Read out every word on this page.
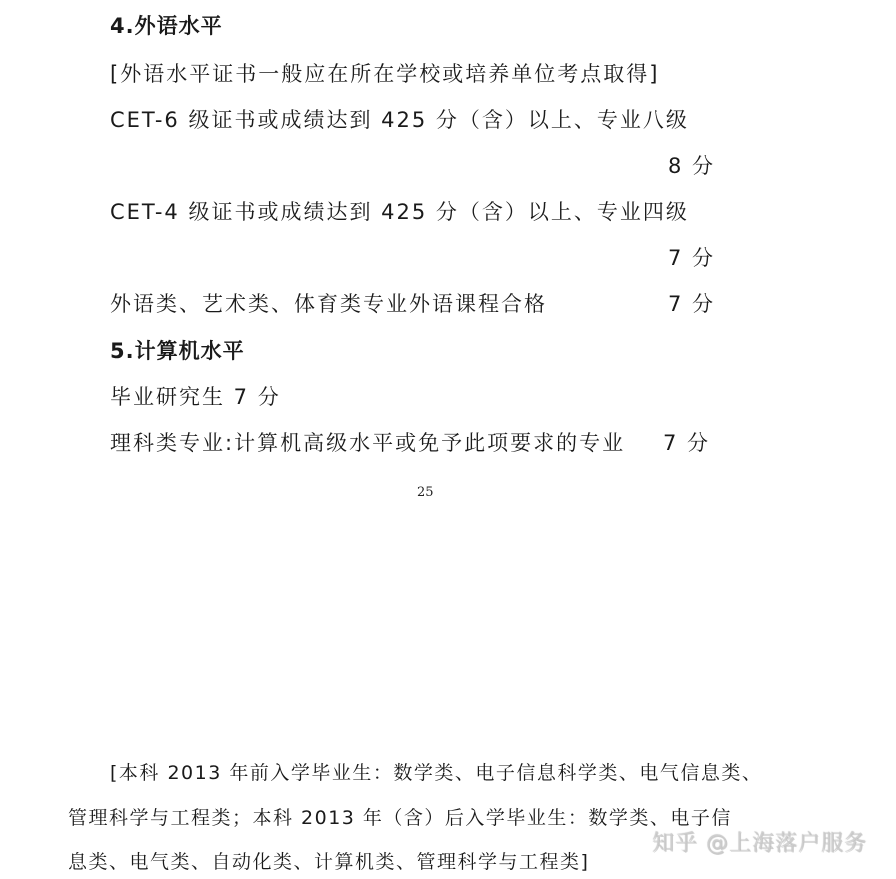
4.外语水平
[外语水平证书一般应在所在学校或培养单位考点取得]
CET-6 级证书或成绩达到 425 分（含）以上、专业八级
8 分
CET-4 级证书或成绩达到 425 分（含）以上、专业四级
7 分
外语类、艺术类、体育类专业外语课程合格	7 分
5.计算机水平
毕业研究生 7 分
理科类专业:计算机高级水平或免予此项要求的专业 7 分
25
[本科 2013 年前入学毕业生：数学类、电子信息科学类、电气信息类、
管理科学与工程类；本科 2013 年（含）后入学毕业生：数学类、电子信
息类、电气类、自动化类、计算机类、管理科学与工程类]
知乎 @上海落户服务
